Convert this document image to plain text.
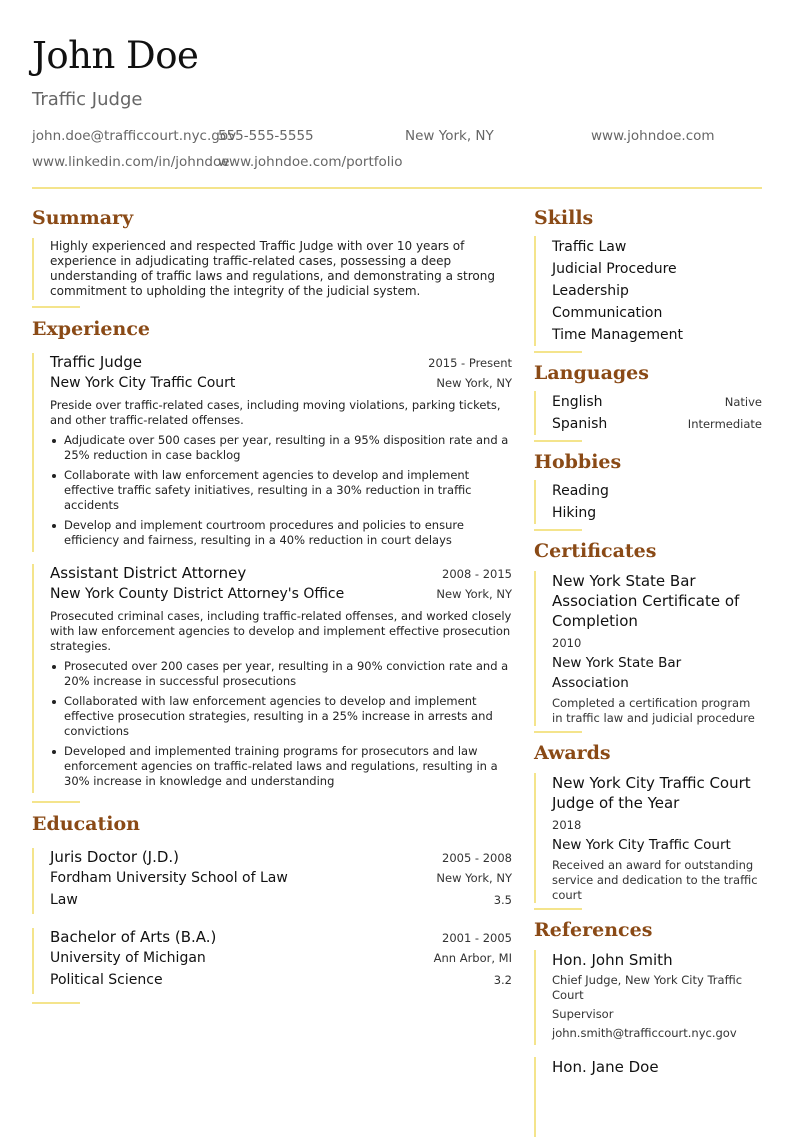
John Doe
Traffic Judge
john.doe@trafficcourt.nyc.gov
555-555-5555	New York, NY	www.johndoe.com
www.linkedin.com/in/johndoe
www.johndoe.com/portfolio
Summary
Highly experienced and respected Traffic Judge with over 10 years of experience in adjudicating traffic-related cases, possessing a deep understanding of traffic laws and regulations, and demonstrating a strong commitment to upholding the integrity of the judicial system.
Experience
Traffic Judge	2015 - Present
New York City Traffic Court	New York, NY
Preside over traffic-related cases, including moving violations, parking tickets, and other traffic-related offenses.
Adjudicate over 500 cases per year, resulting in a 95% disposition rate and a 25% reduction in case backlog
Collaborate with law enforcement agencies to develop and implement effective traffic safety initiatives, resulting in a 30% reduction in traffic accidents
Develop and implement courtroom procedures and policies to ensure efficiency and fairness, resulting in a 40% reduction in court delays
Assistant District Attorney	2008 - 2015
New York County District Attorney's Office	New York, NY
Prosecuted criminal cases, including traffic-related offenses, and worked closely with law enforcement agencies to develop and implement effective prosecution strategies.
Prosecuted over 200 cases per year, resulting in a 90% conviction rate and a 20% increase in successful prosecutions
Collaborated with law enforcement agencies to develop and implement effective prosecution strategies, resulting in a 25% increase in arrests and convictions
Developed and implemented training programs for prosecutors and law enforcement agencies on traffic-related laws and regulations, resulting in a 30% increase in knowledge and understanding
Education
Juris Doctor (J.D.)	2005 - 2008
Fordham University School of Law	New York, NY
Law	3.5
Bachelor of Arts (B.A.)	2001 - 2005
University of Michigan	Ann Arbor, MI
Political Science	3.2
Skills
Traffic Law
Judicial Procedure
Leadership
Communication
Time Management
Languages
English	Native
Spanish	Intermediate
Hobbies
Reading
Hiking
Certificates
New York State Bar Association Certificate of Completion
2010
New York State Bar Association
Completed a certification program in traffic law and judicial procedure
Awards
New York City Traffic Court Judge of the Year
2018
New York City Traffic Court
Received an award for outstanding service and dedication to the traffic court
References
Hon. John Smith
Chief Judge, New York City Traffic Court
Supervisor
john.smith@trafficcourt.nyc.gov
Hon. Jane Doe
